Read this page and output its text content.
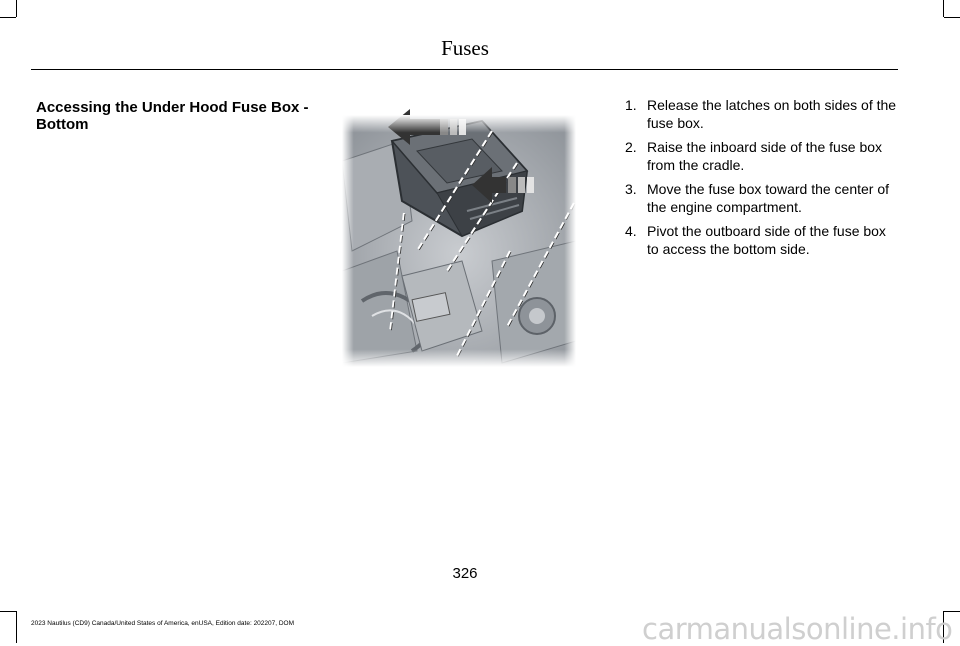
Fuses
Accessing the Under Hood Fuse Box - Bottom
1. Release the latches on both sides of the fuse box.
2. Raise the inboard side of the fuse box from the cradle.
3. Move the fuse box toward the center of the engine compartment.
4. Pivot the outboard side of the fuse box to access the bottom side.
326
2023 Nautilus (CD9) Canada/United States of America, enUSA, Edition date: 202207, DOM	carmanualsonline.info
